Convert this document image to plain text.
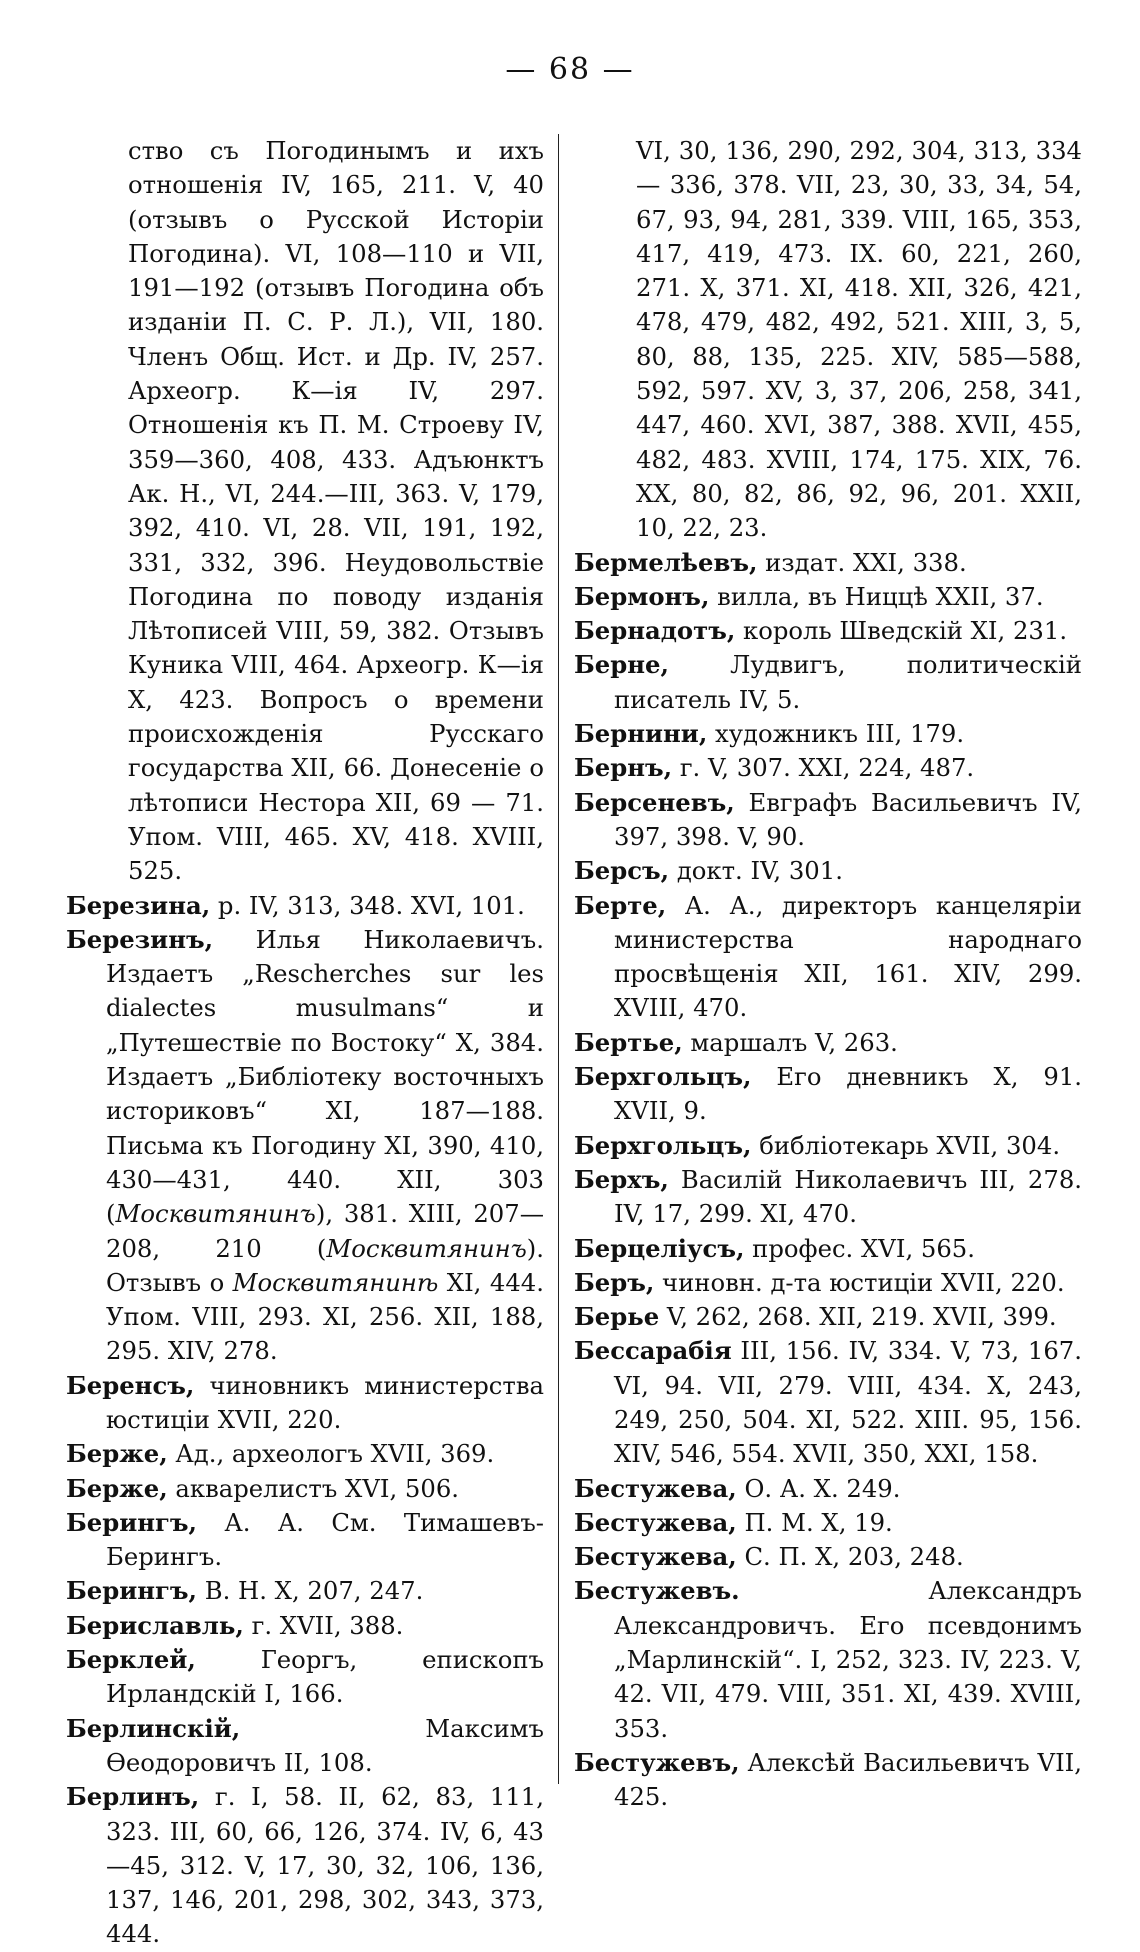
— 68 —
ство съ Погодинымъ и ихъ отношенія IV, 165, 211. V, 40 (отзывъ о Русской Исторіи Погодина). VI, 108—110 и VII, 191—192 (отзывъ Погодина объ изданіи П. С. Р. Л.), VII, 180. Членъ Общ. Ист. и Др. IV, 257. Археогр. К—ія IV, 297. Отношенія къ П. М. Строеву IV, 359—360, 408, 433. Адъюнктъ Ак. Н., VI, 244.—III, 363. V, 179, 392, 410. VI, 28. VII, 191, 192, 331, 332, 396. Неудовольствіе Погодина по поводу изданія Лѣтописей VIII, 59, 382. Отзывъ Куника VIII, 464. Археогр. К—ія X, 423. Вопросъ о времени происхожденія Русскаго государства XII, 66. Донесеніе о лѣтописи Нестора XII, 69 — 71. Упом. VIII, 465. XV, 418. XVIII, 525.
Березина, р. IV, 313, 348. XVI, 101.
Березинъ, Илья Николаевичъ. Издаетъ „Rescherches sur les dialectes musulmans“ и „Путешествіе по Востоку“ X, 384. Издаетъ „Библіотеку восточныхъ историковъ“ XI, 187—188. Письма къ Погодину XI, 390, 410, 430—431, 440. XII, 303 (Москвитянинъ), 381. XIII, 207— 208, 210 (Москвитянинъ). Отзывъ о Москвитянинѣ XI, 444. Упом. VIII, 293. XI, 256. XII, 188, 295. XIV, 278.
Беренсъ, чиновникъ министерства юстиціи XVII, 220.
Берже, Ад., археологъ XVII, 369.
Берже, акварелистъ XVI, 506.
Берингъ, А. А. См. Тимашевъ-Берингъ.
Берингъ, В. Н. X, 207, 247.
Бериславль, г. XVII, 388.
Берклей,	Георгъ, епископъ Ирландскій I, 166.
Берлинскій,	Максимъ Ѳеодоровичъ II, 108.
Берлинъ, г. I, 58. II, 62, 83, 111, 323. III, 60, 66, 126, 374. IV, 6, 43—45, 312. V, 17, 30, 32, 106, 136, 137, 146, 201, 298, 302, 343, 373, 444.
VI, 30, 136, 290, 292, 304, 313, 334— 336, 378. VII, 23, 30, 33, 34, 54, 67, 93, 94, 281, 339. VIII, 165, 353, 417, 419, 473. IX. 60, 221, 260, 271. X, 371. XI, 418. XII, 326, 421, 478, 479, 482, 492, 521. XIII, 3, 5, 80, 88, 135, 225. XIV, 585—588, 592, 597. XV, 3, 37, 206, 258, 341, 447, 460. XVI, 387, 388. XVII, 455, 482, 483. XVIII, 174, 175. XIX, 76. XX, 80, 82, 86, 92, 96, 201. XXII, 10, 22, 23.
Бермелѣевъ, издат. XXI, 338.
Бермонъ, вилла, въ Ниццѣ XXII, 37.
Бернадотъ, король Шведскій XI, 231.
Берне,	Лудвигъ, политическій писатель IV, 5.
Бернини, художникъ III, 179.
Бернъ, г. V, 307. XXI, 224, 487.
Берсеневъ, Евграфъ Васильевичъ IV, 397, 398. V, 90.
Берсъ, докт. IV, 301.
Берте, А. А., директоръ канцеляріи министерства народнаго просвѣщенія XII, 161. XIV, 299. XVIII, 470.
Бертье, маршалъ V, 263.
Берхгольцъ, Его дневникъ X, 91. XVII, 9.
Берхгольцъ, библіотекарь XVII, 304.
Берхъ, Василій Николаевичъ III, 278. IV, 17, 299. XI, 470.
Берцеліусъ, профес. XVI, 565.
Беръ, чиновн. д-та юстиціи XVII, 220.
Берье V, 262, 268. XII, 219. XVII, 399.
Бессарабія III, 156. IV, 334. V, 73, 167. VI, 94. VII, 279. VIII, 434. X, 243, 249, 250, 504. XI, 522. XIII. 95, 156. XIV, 546, 554. XVII, 350, XXI, 158.
Бестужева, О. А. X. 249.
Бестужева, П. М. X, 19.
Бестужева, С. П. X, 203, 248.
Бестужевъ.	Александръ Александровичъ. Его псевдонимъ „Марлинскій“. I, 252, 323. IV, 223. V, 42. VII, 479. VIII, 351. XI, 439. XVIII, 353.
Бестужевъ, Алексѣй Васильевичъ VII, 425.
